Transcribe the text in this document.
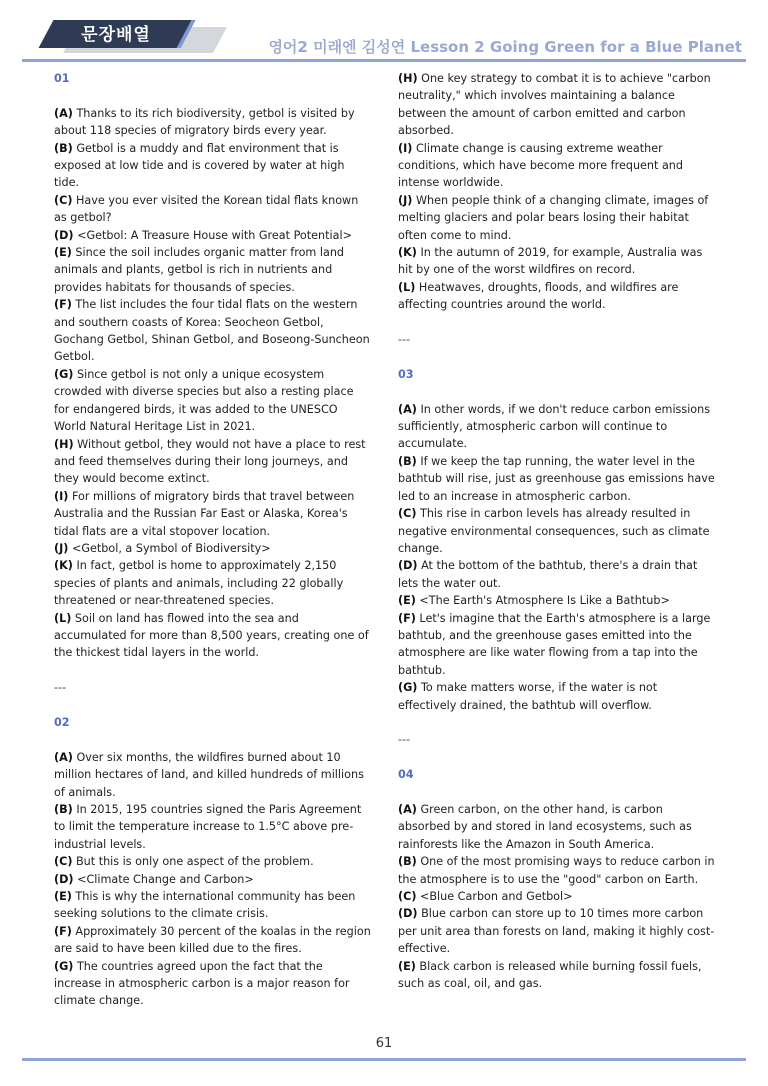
문장배열
영어2 미래엔 김성연 Lesson 2 Going Green for a Blue Planet

01

(A) Thanks to its rich biodiversity, getbol is visited by about 118 species of migratory birds every year.

(B) Getbol is a muddy and flat environment that is exposed at low tide and is covered by water at high tide.

(C) Have you ever visited the Korean tidal flats known as getbol?

(D) <Getbol: A Treasure House with Great Potential>

(E) Since the soil includes organic matter from land animals and plants, getbol is rich in nutrients and provides habitats for thousands of species.

(F) The list includes the four tidal flats on the western and southern coasts of Korea: Seocheon Getbol, Gochang Getbol, Shinan Getbol, and Boseong-Suncheon Getbol.

(G) Since getbol is not only a unique ecosystem crowded with diverse species but also a resting place for endangered birds, it was added to the UNESCO World Natural Heritage List in 2021.

(H) Without getbol, they would not have a place to rest and feed themselves during their long journeys, and they would become extinct.

(I) For millions of migratory birds that travel between Australia and the Russian Far East or Alaska, Korea's tidal flats are a vital stopover location.

(J) <Getbol, a Symbol of Biodiversity>

(K) In fact, getbol is home to approximately 2,150 species of plants and animals, including 22 globally threatened or near-threatened species.

(L) Soil on land has flowed into the sea and accumulated for more than 8,500 years, creating one of the thickest tidal layers in the world.

---

02

(A) Over six months, the wildfires burned about 10 million hectares of land, and killed hundreds of millions of animals.

(B) In 2015, 195 countries signed the Paris Agreement to limit the temperature increase to 1.5°C above pre-industrial levels.

(C) But this is only one aspect of the problem.

(D) <Climate Change and Carbon>

(E) This is why the international community has been seeking solutions to the climate crisis.

(F) Approximately 30 percent of the koalas in the region are said to have been killed due to the fires.

(G) The countries agreed upon the fact that the increase in atmospheric carbon is a major reason for climate change.

(H) One key strategy to combat it is to achieve "carbon neutrality," which involves maintaining a balance between the amount of carbon emitted and carbon absorbed.

(I) Climate change is causing extreme weather conditions, which have become more frequent and intense worldwide.

(J) When people think of a changing climate, images of melting glaciers and polar bears losing their habitat often come to mind.

(K) In the autumn of 2019, for example, Australia was hit by one of the worst wildfires on record.

(L) Heatwaves, droughts, floods, and wildfires are affecting countries around the world.

---

03

(A) In other words, if we don't reduce carbon emissions sufficiently, atmospheric carbon will continue to accumulate.

(B) If we keep the tap running, the water level in the bathtub will rise, just as greenhouse gas emissions have led to an increase in atmospheric carbon.

(C) This rise in carbon levels has already resulted in negative environmental consequences, such as climate change.

(D) At the bottom of the bathtub, there's a drain that lets the water out.

(E) <The Earth's Atmosphere Is Like a Bathtub>

(F) Let's imagine that the Earth's atmosphere is a large bathtub, and the greenhouse gases emitted into the atmosphere are like water flowing from a tap into the bathtub.

(G) To make matters worse, if the water is not effectively drained, the bathtub will overflow.

---

04

(A) Green carbon, on the other hand, is carbon absorbed by and stored in land ecosystems, such as rainforests like the Amazon in South America.

(B) One of the most promising ways to reduce carbon in the atmosphere is to use the "good" carbon on Earth.

(C) <Blue Carbon and Getbol>

(D) Blue carbon can store up to 10 times more carbon per unit area than forests on land, making it highly cost-effective.

(E) Black carbon is released while burning fossil fuels, such as coal, oil, and gas.

61
